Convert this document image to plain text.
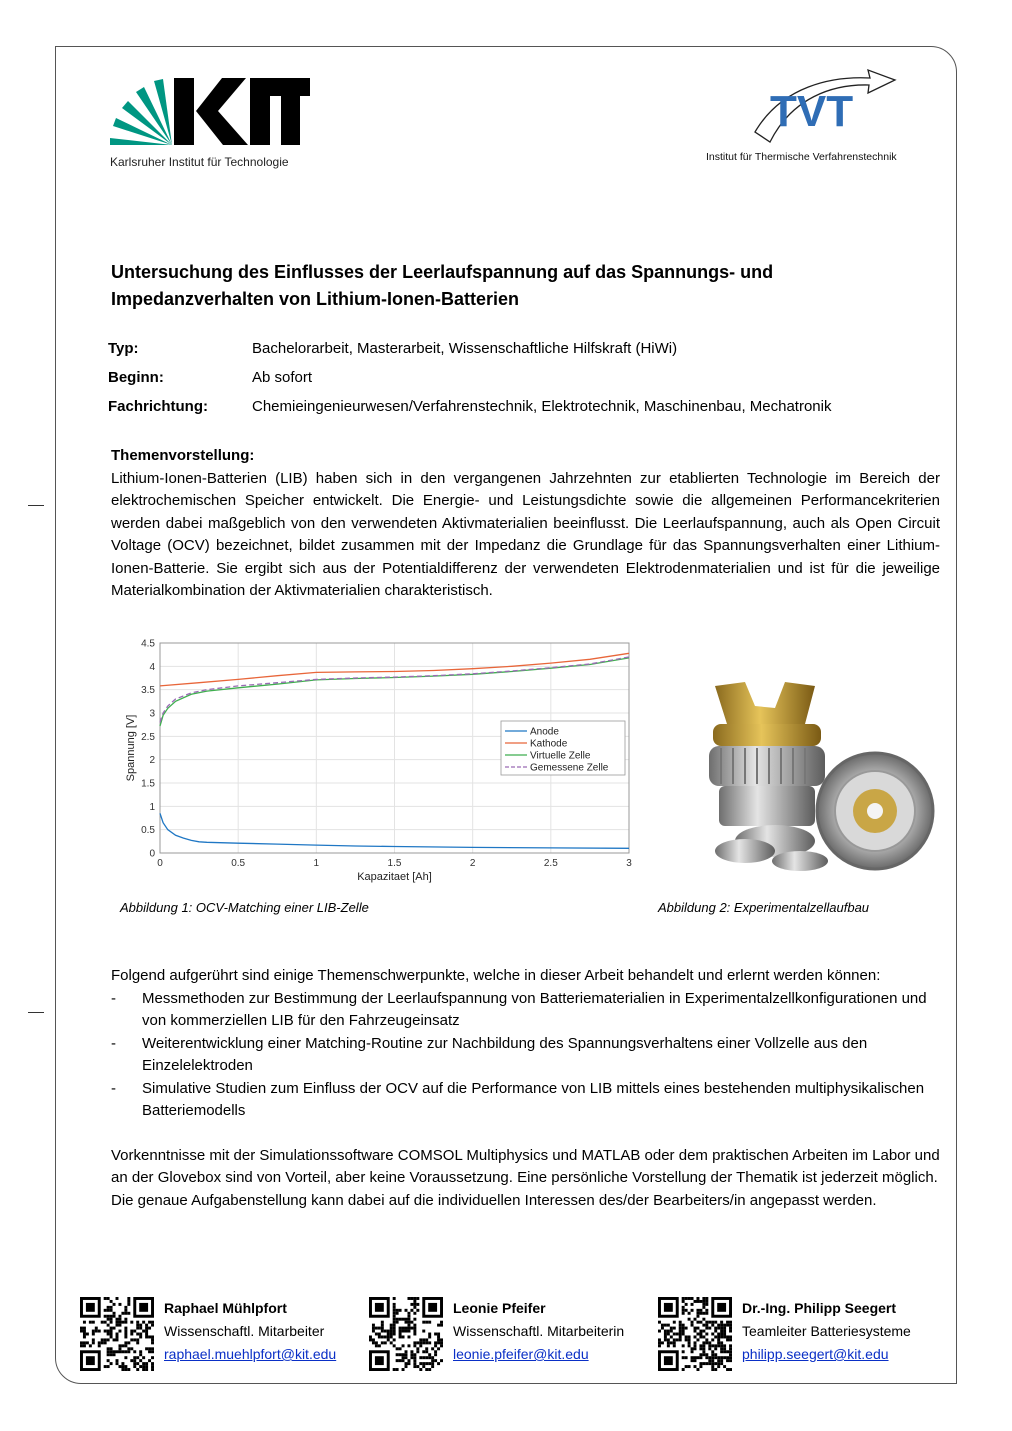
Karlsruher Institut für Technologie
TVT
Institut für Thermische Verfahrenstechnik
Untersuchung des Einflusses der Leerlaufspannung auf das Spannungs- und
Impedanzverhalten von Lithium-Ionen-Batterien
Typ:	Bachelorarbeit, Masterarbeit, Wissenschaftliche Hilfskraft (HiWi)
Beginn:	Ab sofort
Fachrichtung:	Chemieingenieurwesen/Verfahrenstechnik, Elektrotechnik, Maschinenbau, Mechatronik
Themenvorstellung:

Lithium-Ionen-Batterien (LIB) haben sich in den vergangenen Jahrzehnten zur etablierten Technologie im Bereich der elektrochemischen Speicher entwickelt. Die Energie- und Leistungsdichte sowie die allgemeinen Performancekriterien werden dabei maßgeblich von den verwendeten Aktivmaterialien beeinflusst. Die Leerlaufspannung, auch als Open Circuit Voltage (OCV) bezeichnet, bildet zusammen mit der Impedanz die Grundlage für das Spannungsverhalten einer Lithium-Ionen-Batterie. Sie ergibt sich aus der Potentialdifferenz der verwendeten Elektrodenmaterialien und ist für die jeweilige Materialkombination der Aktivmaterialien charakteristisch.

0	0.5	1	1.5	2	2.5	3
0
0.5
1
1.5
2
2.5
3
3.5
4
4.5
Kapazitaet [Ah]
Spannung [V]	Anode
Kathode
Virtuelle Zelle
Gemessene Zelle
Abbildung 1: OCV-Matching einer LIB-Zelle	Abbildung 2: Experimentalzellaufbau

Folgend aufgerührt sind einige Themenschwerpunkte, welche in dieser Arbeit behandelt und erlernt werden können:

- Messmethoden zur Bestimmung der Leerlaufspannung von Batteriematerialien in Experimentalzellkonfigurationen und von kommerziellen LIB für den Fahrzeugeinsatz
- Weiterentwicklung einer Matching-Routine zur Nachbildung des Spannungsverhaltens einer Vollzelle aus den Einzelelektroden
- Simulative Studien zum Einfluss der OCV auf die Performance von LIB mittels eines bestehenden multiphysikalischen Batteriemodells

Vorkenntnisse mit der Simulationssoftware COMSOL Multiphysics und MATLAB oder dem praktischen Arbeiten im Labor und an der Glovebox sind von Vorteil, aber keine Voraussetzung. Eine persönliche Vorstellung der Thematik ist jederzeit möglich. Die genaue Aufgabenstellung kann dabei auf die individuellen Interessen des/der Bearbeiters/in angepasst werden.

Raphael Mühlpfort
Wissenschaftl. Mitarbeiter
raphael.muehlpfort@kit.edu
Leonie Pfeifer
Wissenschaftl. Mitarbeiterin
leonie.pfeifer@kit.edu
Dr.-Ing. Philipp Seegert
Teamleiter Batteriesysteme
philipp.seegert@kit.edu
